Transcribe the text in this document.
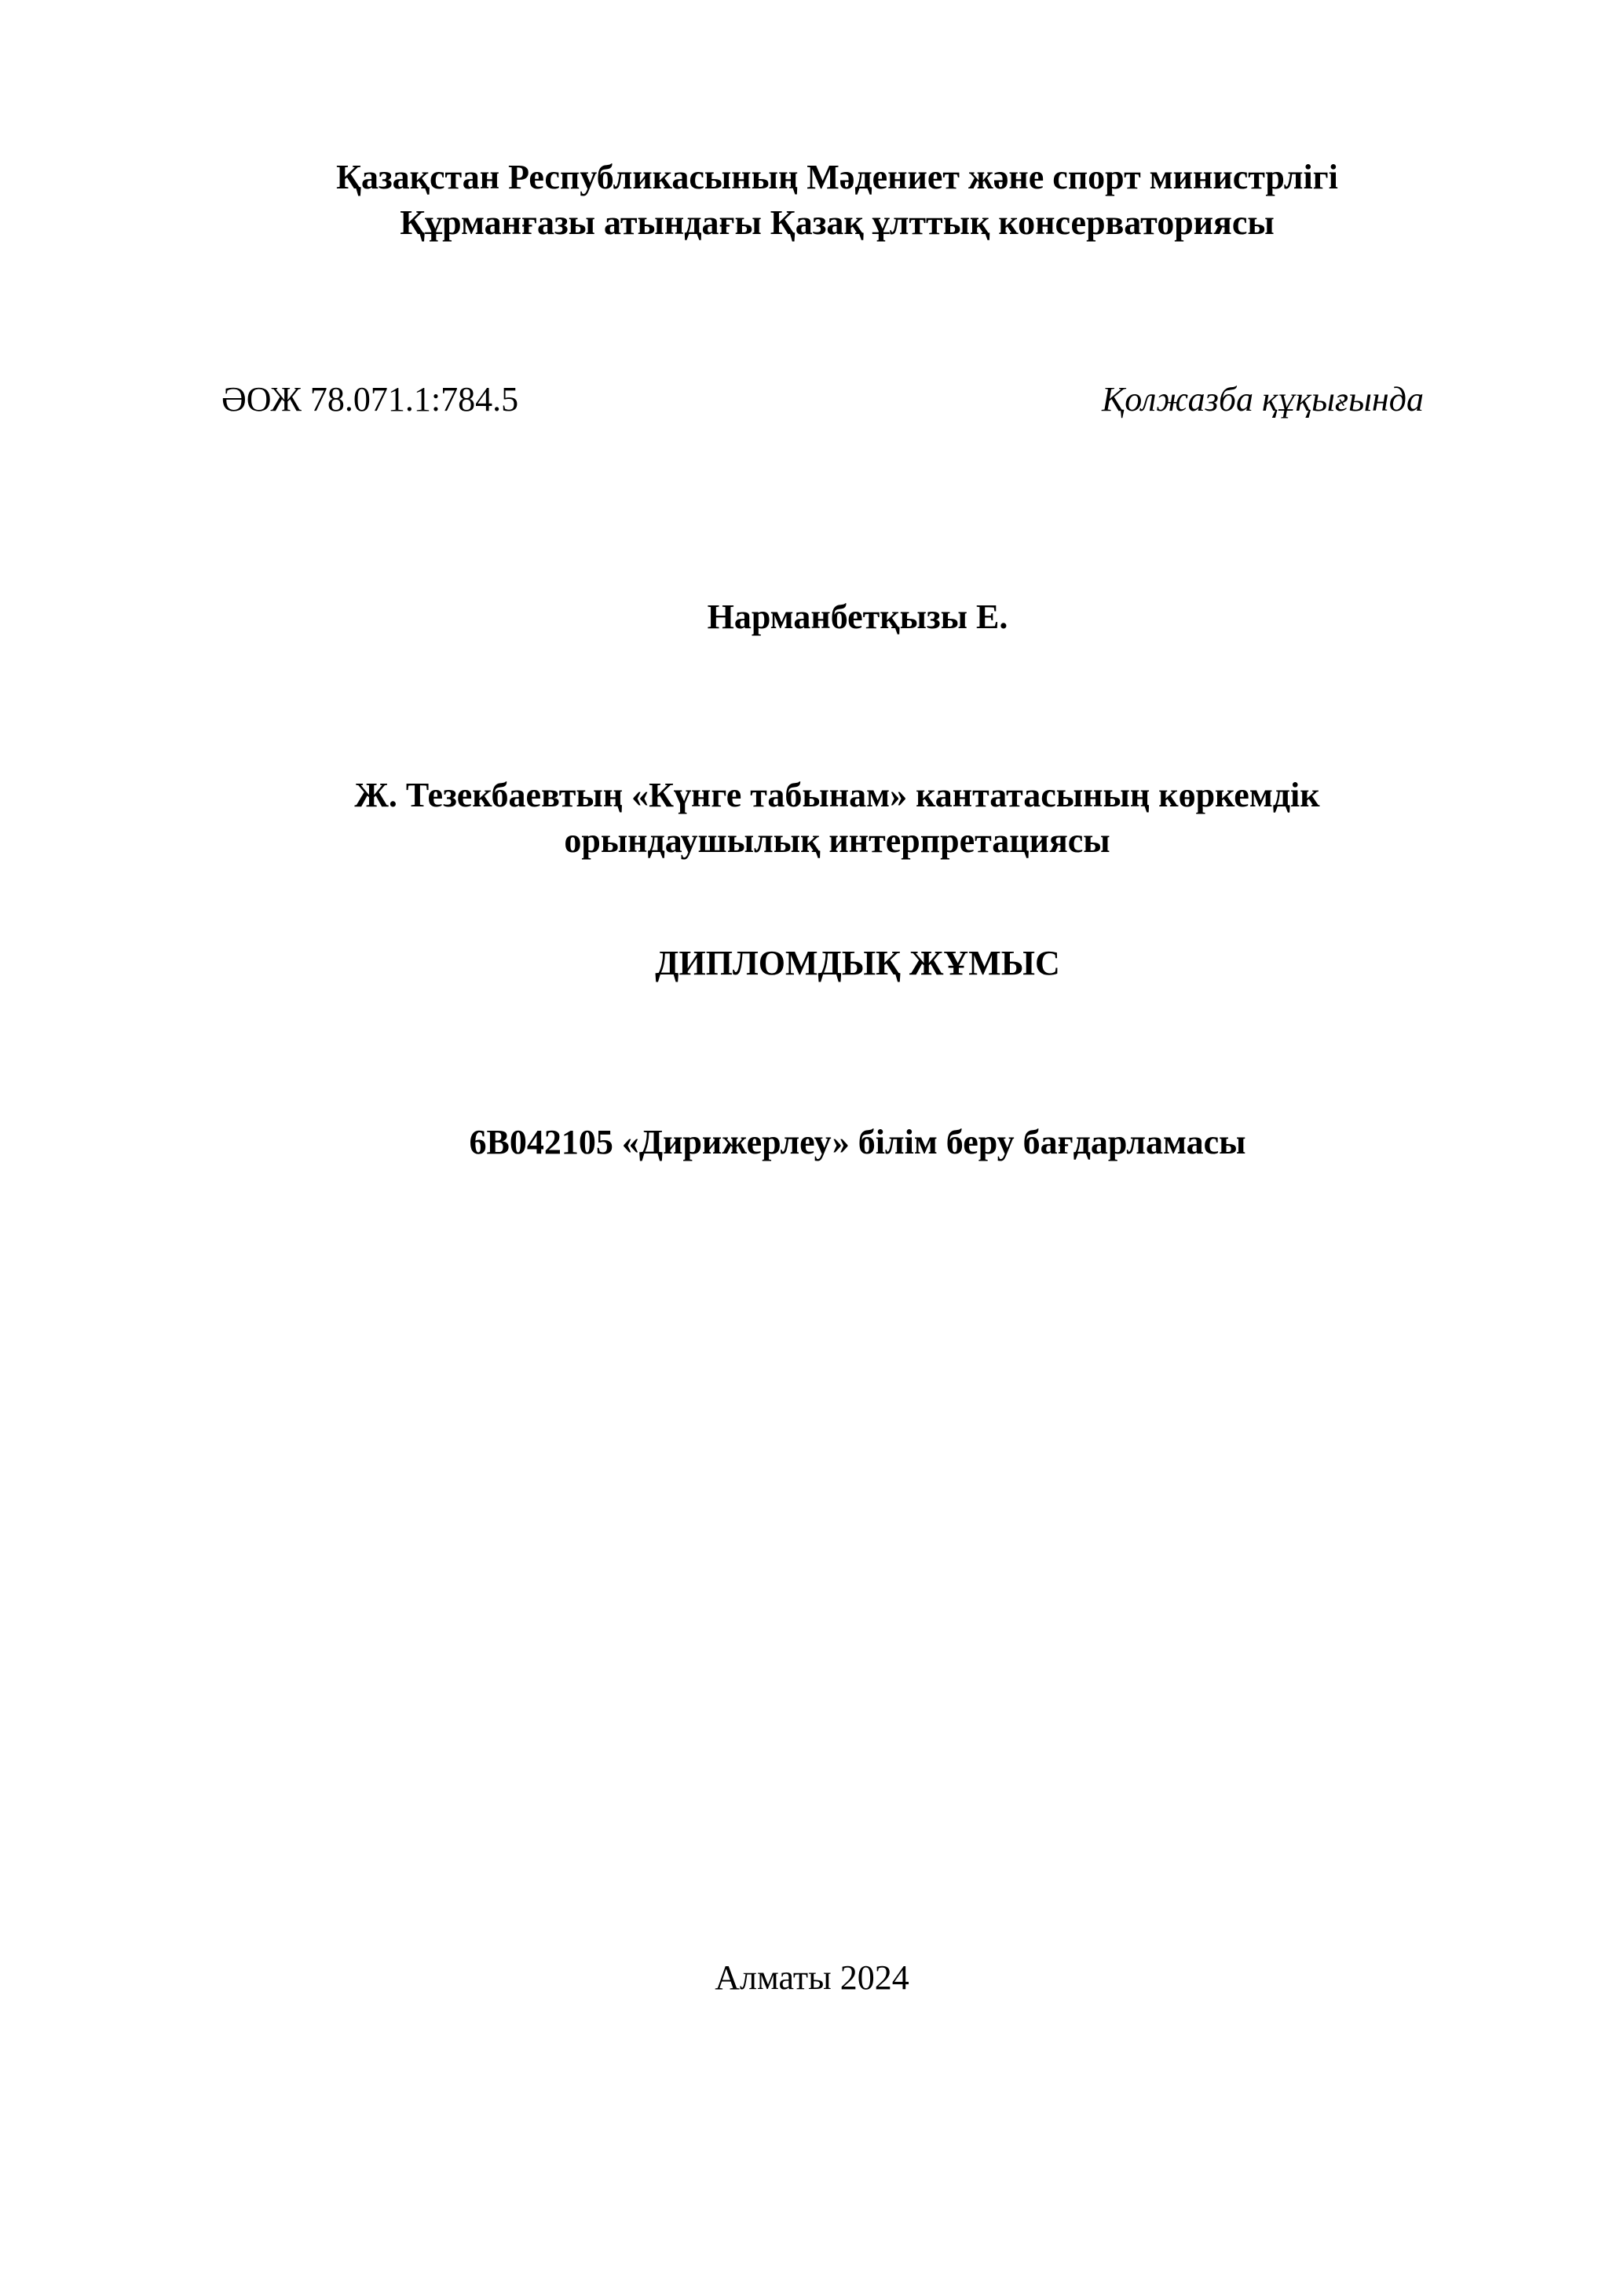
Қазақстан Республикасының Мәдениет және спорт министрлігі
Құрманғазы атындағы Қазақ ұлттық консерваториясы
ӘОЖ 78.071.1:784.5	Қолжазба құқығында
Нарманбетқызы Е.
Ж. Тезекбаевтың «Күнге табынам» кантатасының көркемдік
орындаушылық интерпретациясы
ДИПЛОМДЫҚ ЖҰМЫС
6B042105 «Дирижерлеу» білім беру бағдарламасы
Алматы 2024
